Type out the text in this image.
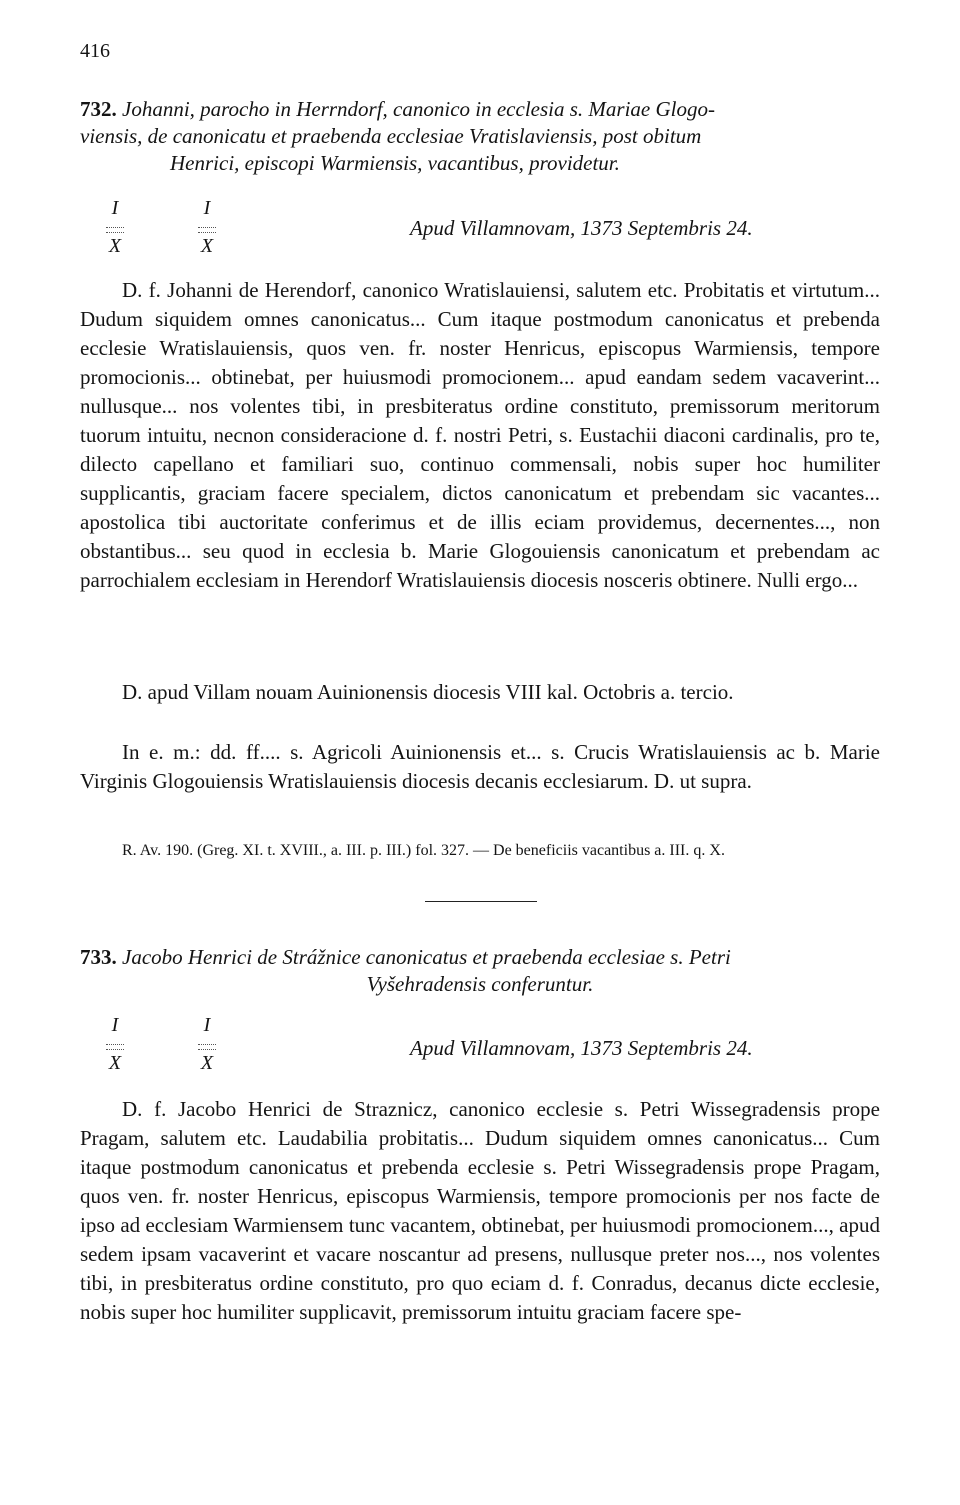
416
732. Johanni, parocho in Herrndorf, canonico in ecclesia s. Mariae Glogo-
viensis, de canonicatu et praebenda ecclesiae Vratislaviensis, post obitum
Henrici, episcopi Warmiensis, vacantibus, providetur.
I
X
I
X
Apud Villamnovam, 1373 Septembris 24.
D. f. Johanni de Herendorf, canonico Wratislauiensi, salutem etc. Probitatis et virtutum... Dudum siquidem omnes canonicatus... Cum itaque postmodum canonicatus et prebenda ecclesie Wratislauiensis, quos ven. fr. noster Henricus, episcopus Warmiensis, tempore promocionis... obtinebat, per huiusmodi promocionem... apud eandam sedem vacaverint... nullusque... nos volentes tibi, in presbiteratus ordine constituto, premissorum meritorum tuorum intuitu, necnon consideracione d. f. nostri Petri, s. Eustachii diaconi cardinalis, pro te, dilecto capellano et familiari suo, continuo commensali, nobis super hoc humiliter supplicantis, graciam facere specialem, dictos canonicatum et prebendam sic vacantes... apostolica tibi auctoritate conferimus et de illis eciam providemus, decernentes..., non obstantibus... seu quod in ecclesia b. Marie Glogouiensis canonicatum et prebendam ac parrochialem ecclesiam in Herendorf Wratislauiensis diocesis nosceris obtinere. Nulli ergo...
D. apud Villam nouam Auinionensis diocesis VIII kal. Octobris a. tercio.
In e. m.: dd. ff.... s. Agricoli Auinionensis et... s. Crucis Wratislauiensis ac b. Marie Virginis Glogouiensis Wratislauiensis diocesis decanis ecclesiarum. D. ut supra.
R. Av. 190. (Greg. XI. t. XVIII., a. III. p. III.) fol. 327. — De beneficiis vacantibus a. III. q. X.
733. Jacobo Henrici de Strážnice canonicatus et praebenda ecclesiae s. Petri
Vyšehradensis conferuntur.
I
X
I
X
Apud Villamnovam, 1373 Septembris 24.
D. f. Jacobo Henrici de Straznicz, canonico ecclesie s. Petri Wissegradensis prope Pragam, salutem etc. Laudabilia probitatis... Dudum siquidem omnes canonicatus... Cum itaque postmodum canonicatus et prebenda ecclesie s. Petri Wissegradensis prope Pragam, quos ven. fr. noster Henricus, episcopus Warmiensis, tempore promocionis per nos facte de ipso ad ecclesiam Warmiensem tunc vacantem, obtinebat, per huiusmodi promocionem..., apud sedem ipsam vacaverint et vacare noscantur ad presens, nullusque preter nos..., nos volentes tibi, in presbiteratus ordine constituto, pro quo eciam d. f. Conradus, decanus dicte ecclesie, nobis super hoc humiliter supplicavit, premissorum intuitu graciam facere spe-
